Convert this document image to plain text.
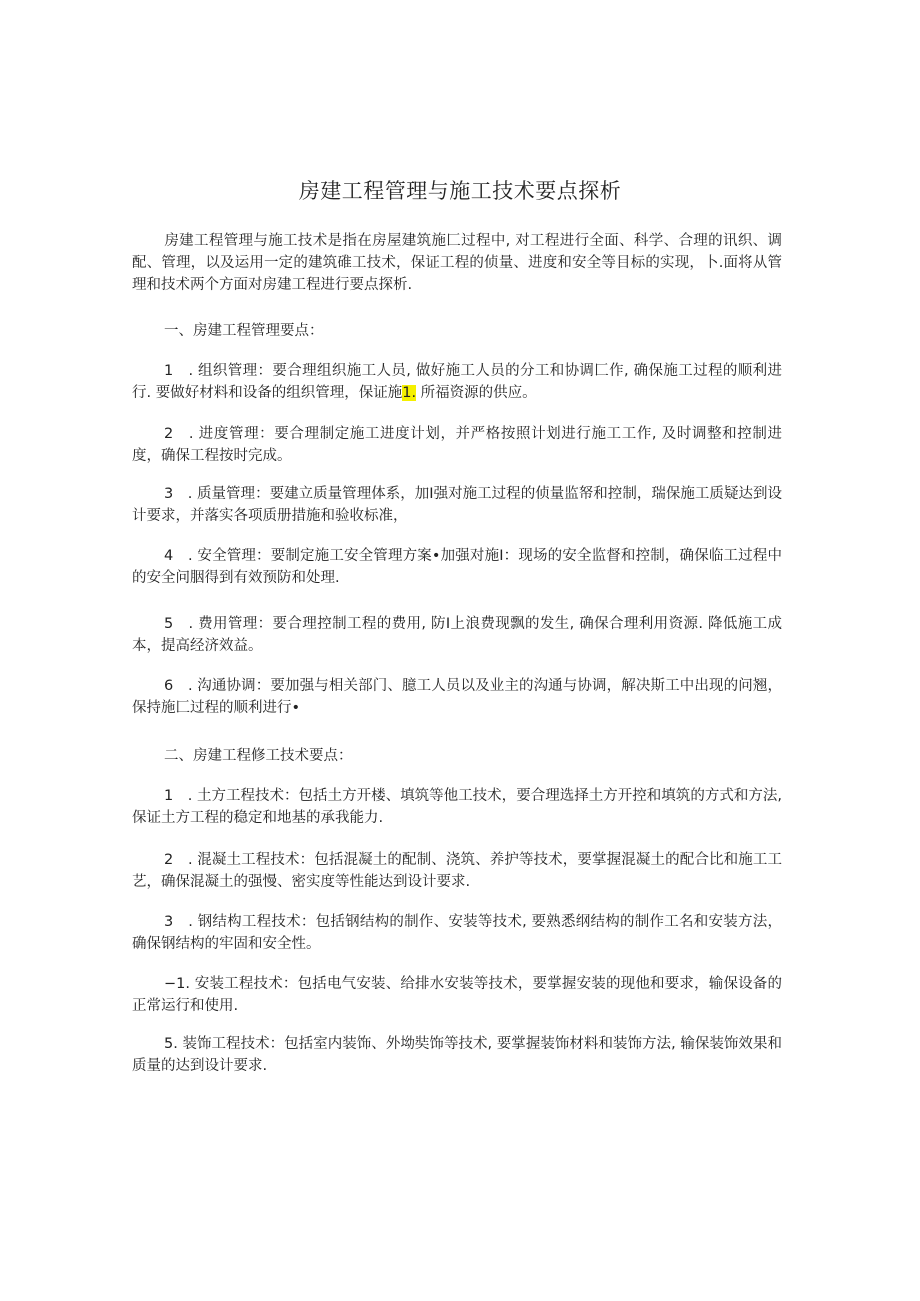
房建工程管理与施工技术要点探析
房建工程管理与施工技术是指在房屋建筑施匚过程中, 对工程进行全面、科学、合理的讯织、调配、管理，以及运用一定的建筑碓工技术，保证工程的侦量、进度和安全等目标的实现，卜.面将从管理和技术两个方面对房建工程进行要点探析.
一、房建工程管理要点：
1　. 组织管理：要合理组织施工人员, 做好施工人员的分工和协调匚作, 确保施工过程的顺利进行. 要做好材料和设备的组织管理，保证施1. 所福资源的供应。
2　. 进度管理：要合理制定施工进度计划，并严格按照计划进行施工工作, 及时调整和控制进度，确保工程按时完成。
3　. 质量管理：要建立质量管理体系，加I强对施工过程的侦量监帑和控制，瑞保施工质疑达到设计要求，并落实各项质册措施和验收标准，
4　. 安全管理：要制定施工安全管理方案•加强对施I：现场的安全监督和控制，确保临工过程中的安全问胭得到有效预防和处理.
5　. 费用管理：要合理控制工程的费用, 防I上浪费现飘的发生, 确保合理利用资源. 降低施工成本，提高经济效益。
6　. 沟通协调：要加强与相关部门、臆工人员以及业主的沟通与协调，解决斯工中出现的问翘，保持施匚过程的顺利进行•
二、房建工程修工技术要点：
1　. 土方工程技术：包括土方开楼、填筑等他工技术，要合理选择土方开控和填筑的方式和方法, 保证土方工程的稳定和地基的承我能力.
2　. 混凝土工程技术：包括混凝土的配制、浇筑、养护等技术，要掌握混凝土的配合比和施工工艺，确保混凝土的强慢、密实度等性能达到设计要求.
3　. 钢结构工程技术：包括钢结构的制作、安装等技术, 要熟悉纲结构的制作工名和安装方法，确保钢结构的牢固和安全性。
−1. 安装工程技术：包括电气安装、给排水安装等技术，要掌握安装的现他和要求，输保设备的正常运行和使用.
5. 装饰工程技术：包括室内装饰、外坳奘饰等技术, 要掌握装饰材料和装饰方法, 输保装饰效果和质量的达到设计要求.
